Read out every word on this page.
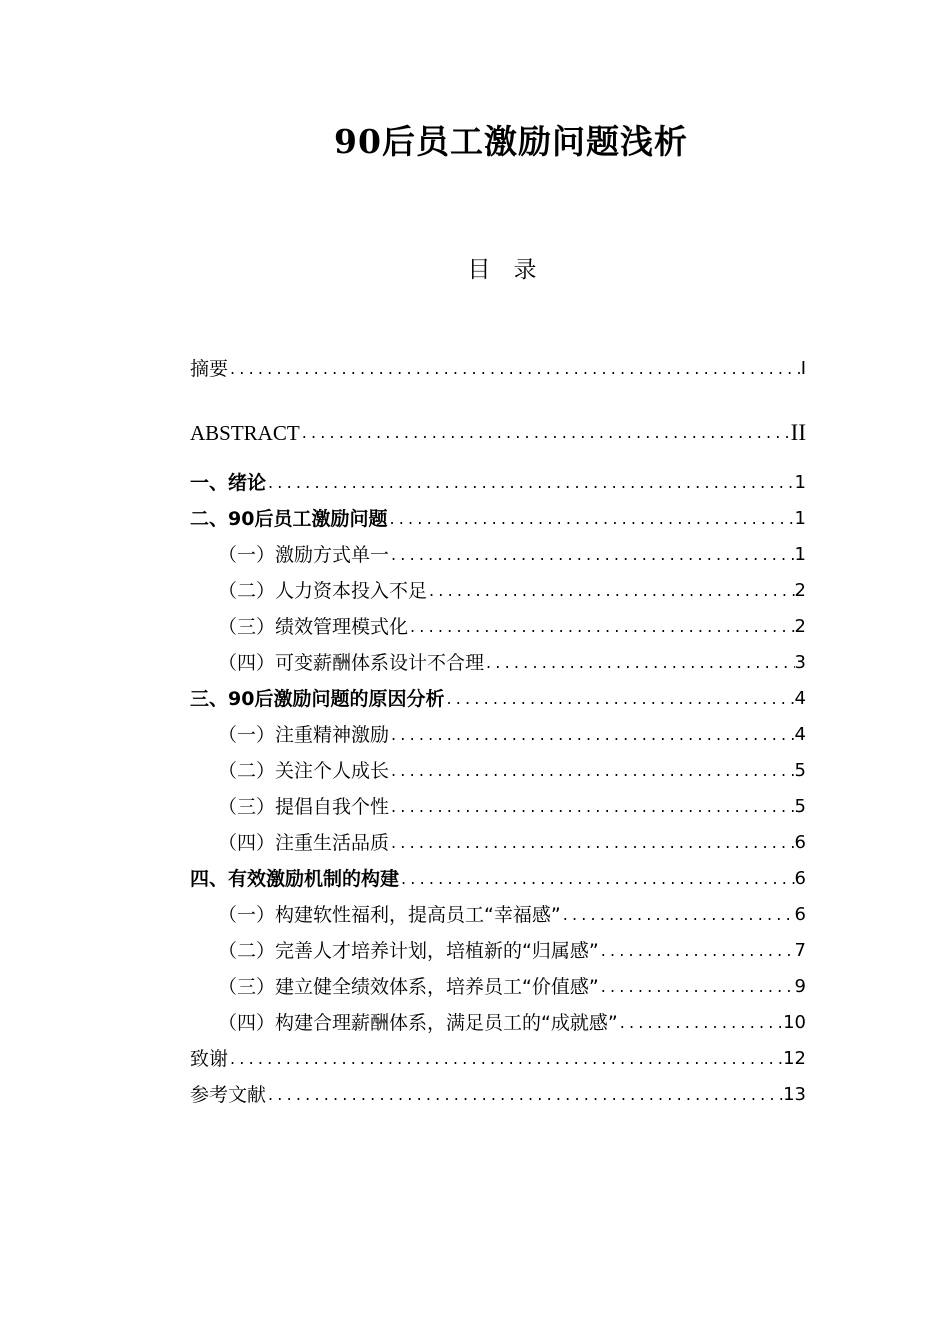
90后员工激励问题浅析
目　录
摘要 .....	I
ABSTRACT .....	II
一、绪论 .....	1
二、90后员工激励问题 .....	1
（一）激励方式单一 .....	1
（二）人力资本投入不足 .....	2
（三）绩效管理模式化 .....	2
（四）可变薪酬体系设计不合理 .....	3
三、90后激励问题的原因分析 .....	4
（一）注重精神激励 .....	4
（二）关注个人成长 .....	5
（三）提倡自我个性 .....	5
（四）注重生活品质 .....	6
四、有效激励机制的构建 .....	6
（一）构建软性福利，提高员工“幸福感” .....	6
（二）完善人才培养计划，培植新的“归属感” .....	7
（三）建立健全绩效体系，培养员工“价值感” .....	9
（四）构建合理薪酬体系，满足员工的“成就感” .....	10
致谢 .....	12
参考文献 .....	13
